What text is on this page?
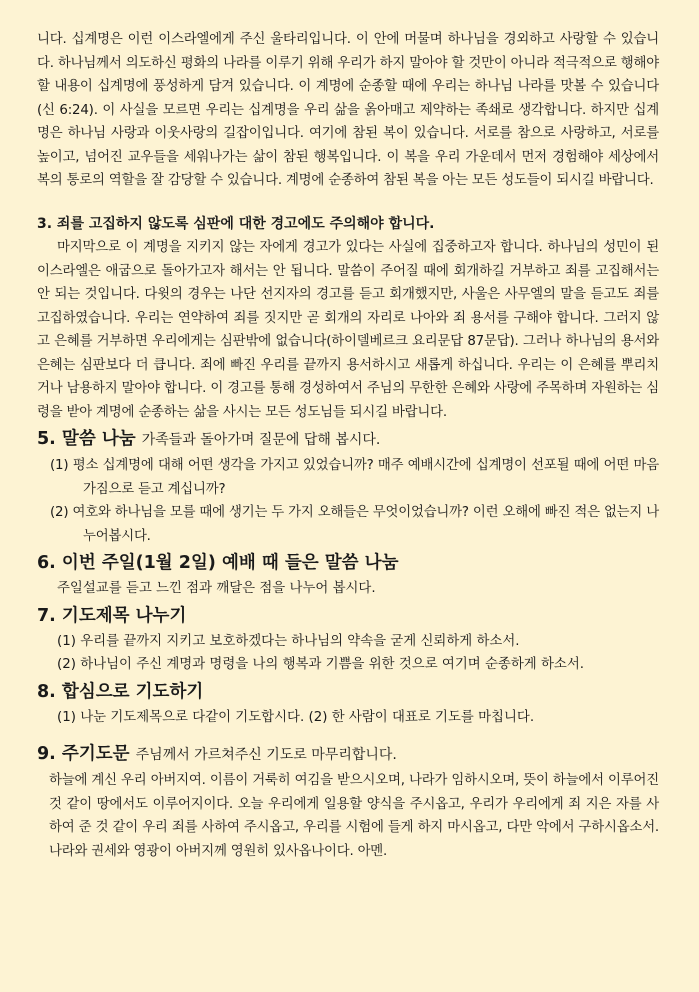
니다. 십계명은 이런 이스라엘에게 주신 울타리입니다. 이 안에 머물며 하나님을 경외하고 사랑할 수 있습니다. 하나님께서 의도하신 평화의 나라를 이루기 위해 우리가 하지 말아야 할 것만이 아니라 적극적으로 행해야 할 내용이 십계명에 풍성하게 담겨 있습니다. 이 계명에 순종할 때에 우리는 하나님 나라를 맛볼 수 있습니다(신 6:24). 이 사실을 모르면 우리는 십계명을 우리 삶을 옭아매고 제약하는 족쇄로 생각합니다. 하지만 십계명은 하나님 사랑과 이웃사랑의 길잡이입니다. 여기에 참된 복이 있습니다. 서로를 참으로 사랑하고, 서로를 높이고, 넘어진 교우들을 세워나가는 삶이 참된 행복입니다. 이 복을 우리 가운데서 먼저 경험해야 세상에서 복의 통로의 역할을 잘 감당할 수 있습니다. 계명에 순종하여 참된 복을 아는 모든 성도들이 되시길 바랍니다.

3. 죄를 고집하지 않도록 심판에 대한 경고에도 주의해야 합니다.

마지막으로 이 계명을 지키지 않는 자에게 경고가 있다는 사실에 집중하고자 합니다. 하나님의 성민이 된 이스라엘은 애굽으로 돌아가고자 해서는 안 됩니다. 말씀이 주어질 때에 회개하길 거부하고 죄를 고집해서는 안 되는 것입니다. 다윗의 경우는 나단 선지자의 경고를 듣고 회개했지만, 사울은 사무엘의 말을 듣고도 죄를 고집하였습니다. 우리는 연약하여 죄를 짓지만 곧 회개의 자리로 나아와 죄 용서를 구해야 합니다. 그러지 않고 은혜를 거부하면 우리에게는 심판밖에 없습니다(하이델베르크 요리문답 87문답). 그러나 하나님의 용서와 은혜는 심판보다 더 큽니다. 죄에 빠진 우리를 끝까지 용서하시고 새롭게 하십니다. 우리는 이 은혜를 뿌리치거나 남용하지 말아야 합니다. 이 경고를 통해 경성하여서 주님의 무한한 은혜와 사랑에 주목하며 자원하는 심령을 받아 계명에 순종하는 삶을 사시는 모든 성도님들 되시길 바랍니다.

5. 말씀 나눔 가족들과 돌아가며 질문에 답해 봅시다.

(1) 평소 십계명에 대해 어떤 생각을 가지고 있었습니까? 매주 예배시간에 십계명이 선포될 때에 어떤 마음가짐으로 듣고 계십니까?

(2) 여호와 하나님을 모를 때에 생기는 두 가지 오해들은 무엇이었습니까? 이런 오해에 빠진 적은 없는지 나누어봅시다.

6. 이번 주일(1월 2일) 예배 때 들은 말씀 나눔

주일설교를 듣고 느낀 점과 깨달은 점을 나누어 봅시다.

7. 기도제목 나누기

(1) 우리를 끝까지 지키고 보호하겠다는 하나님의 약속을 굳게 신뢰하게 하소서.

(2) 하나님이 주신 계명과 명령을 나의 행복과 기쁨을 위한 것으로 여기며 순종하게 하소서.

8. 합심으로 기도하기

(1) 나눈 기도제목으로 다같이 기도합시다. (2) 한 사람이 대표로 기도를 마칩니다.

9. 주기도문 주님께서 가르쳐주신 기도로 마무리합니다.

하늘에 계신 우리 아버지여. 이름이 거룩히 여김을 받으시오며, 나라가 임하시오며, 뜻이 하늘에서 이루어진 것 같이 땅에서도 이루어지이다. 오늘 우리에게 일용할 양식을 주시옵고, 우리가 우리에게 죄 지은 자를 사하여 준 것 같이 우리 죄를 사하여 주시옵고, 우리를 시험에 들게 하지 마시옵고, 다만 악에서 구하시옵소서. 나라와 권세와 영광이 아버지께 영원히 있사옵나이다. 아멘.
